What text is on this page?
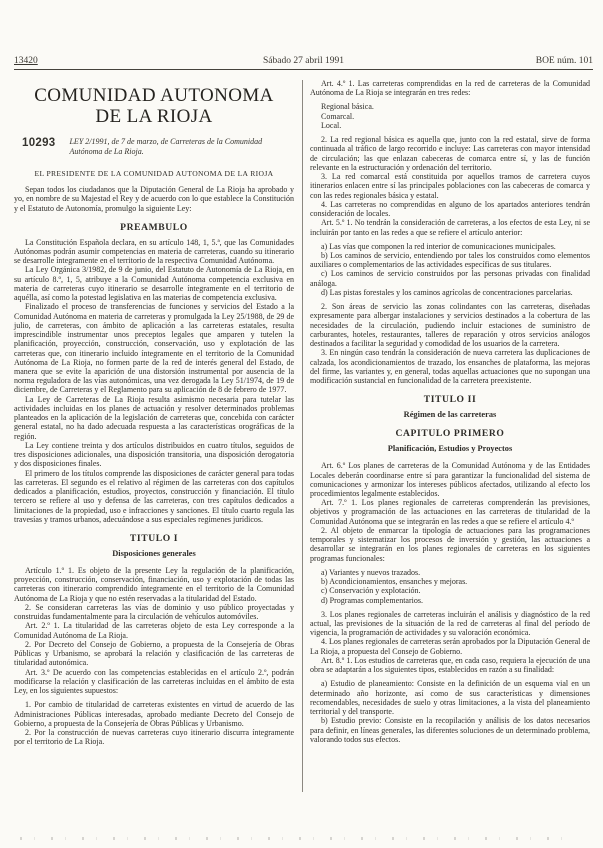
13420	Sábado 27 abril 1991	BOE núm. 101
COMUNIDAD AUTONOMA
DE LA RIOJA
10293	LEY 2/1991, de 7 de marzo, de Carreteras de la Comunidad Autónoma de La Rioja.
EL PRESIDENTE DE LA COMUNIDAD AUTONOMA DE LA RIOJA
Sepan todos los ciudadanos que la Diputación General de La Rioja ha aprobado y yo, en nombre de su Majestad el Rey y de acuerdo con lo que establece la Constitución y el Estatuto de Autonomía, promulgo la siguiente Ley:
PREAMBULO
La Constitución Española declara, en su artículo 148, 1, 5.ª, que las Comunidades Autónomas podrán asumir competencias en materia de carreteras, cuando su itinerario se desarrolle íntegramente en el territorio de la respectiva Comunidad Autónoma.
La Ley Orgánica 3/1982, de 9 de junio, del Estatuto de Autonomía de La Rioja, en su artículo 8.º, 1, 5, atribuye a la Comunidad Autónoma competencia exclusiva en materia de carreteras cuyo itinerario se desarrolle íntegramente en el territorio de aquélla, así como la potestad legislativa en las materias de competencia exclusiva.
Finalizado el proceso de transferencias de funciones y servicios del Estado a la Comunidad Autónoma en materia de carreteras y promulgada la Ley 25/1988, de 29 de julio, de carreteras, con ámbito de aplicación a las carreteras estatales, resulta imprescindible instrumentar unos preceptos legales que amparen y tutelen la planificación, proyección, construcción, conservación, uso y explotación de las carreteras que, con itinerario incluido íntegramente en el territorio de la Comunidad Autónoma de La Rioja, no formen parte de la red de interés general del Estado, de manera que se evite la aparición de una distorsión instrumental por ausencia de la norma reguladora de las vías autonómicas, una vez derogada la Ley 51/1974, de 19 de diciembre, de Carreteras y el Reglamento para su aplicación de 8 de febrero de 1977.
La Ley de Carreteras de La Rioja resulta asimismo necesaria para tutelar las actividades incluidas en los planes de actuación y resolver determinados problemas planteados en la aplicación de la legislación de carreteras que, concebida con carácter general estatal, no ha dado adecuada respuesta a las características orográficas de la región.
La Ley contiene treinta y dos artículos distribuidos en cuatro títulos, seguidos de tres disposiciones adicionales, una disposición transitoria, una disposición derogatoria y dos disposiciones finales.
El primero de los títulos comprende las disposiciones de carácter general para todas las carreteras. El segundo es el relativo al régimen de las carreteras con dos capítulos dedicados a planificación, estudios, proyectos, construcción y financiación. El título tercero se refiere al uso y defensa de las carreteras, con tres capítulos dedicados a limitaciones de la propiedad, uso e infracciones y sanciones. El título cuarto regula las travesías y tramos urbanos, adecuándose a sus especiales regímenes jurídicos.
TITULO I
Disposiciones generales
Artículo 1.º 1. Es objeto de la presente Ley la regulación de la planificación, proyección, construcción, conservación, financiación, uso y explotación de todas las carreteras con itinerario comprendido íntegramente en el territorio de la Comunidad Autónoma de La Rioja y que no estén reservadas a la titularidad del Estado.
2. Se consideran carreteras las vías de dominio y uso público proyectadas y construidas fundamentalmente para la circulación de vehículos automóviles.
Art. 2.º 1. La titularidad de las carreteras objeto de esta Ley corresponde a la Comunidad Autónoma de La Rioja.
2. Por Decreto del Consejo de Gobierno, a propuesta de la Consejería de Obras Públicas y Urbanismo, se aprobará la relación y clasificación de las carreteras de titularidad autonómica.
Art. 3.º De acuerdo con las competencias establecidas en el artículo 2.º, podrán modificarse la relación y clasificación de las carreteras incluidas en el ámbito de esta Ley, en los siguientes supuestos:
1. Por cambio de titularidad de carreteras existentes en virtud de acuerdo de las Administraciones Públicas interesadas, aprobado mediante Decreto del Consejo de Gobierno, a propuesta de la Consejería de Obras Públicas y Urbanismo.
2. Por la construcción de nuevas carreteras cuyo itinerario discurra íntegramente por el territorio de La Rioja.
Art. 4.º 1. Las carreteras comprendidas en la red de carreteras de la Comunidad Autónoma de La Rioja se integrarán en tres redes:
Regional básica.
Comarcal.
Local.
2. La red regional básica es aquella que, junto con la red estatal, sirve de forma continuada al tráfico de largo recorrido e incluye: Las carreteras con mayor intensidad de circulación; las que enlazan cabeceras de comarca entre sí, y las de función relevante en la estructuración y ordenación del territorio.
3. La red comarcal está constituida por aquellos tramos de carretera cuyos itinerarios enlacen entre sí las principales poblaciones con las cabeceras de comarca y con las redes regionales básica y estatal.
4. Las carreteras no comprendidas en alguno de los apartados anteriores tendrán consideración de locales.
Art. 5.º 1. No tendrán la consideración de carreteras, a los efectos de esta Ley, ni se incluirán por tanto en las redes a que se refiere el artículo anterior:
a) Las vías que componen la red interior de comunicaciones municipales.
b) Los caminos de servicio, entendiendo por tales los construidos como elementos auxiliares o complementarios de las actividades específicas de sus titulares.
c) Los caminos de servicio construidos por las personas privadas con finalidad análoga.
d) Las pistas forestales y los caminos agrícolas de concentraciones parcelarias.
2. Son áreas de servicio las zonas colindantes con las carreteras, diseñadas expresamente para albergar instalaciones y servicios destinados a la cobertura de las necesidades de la circulación, pudiendo incluir estaciones de suministro de carburantes, hoteles, restaurantes, talleres de reparación y otros servicios análogos destinados a facilitar la seguridad y comodidad de los usuarios de la carretera.
3. En ningún caso tendrán la consideración de nueva carretera las duplicaciones de calzada, los acondicionamientos de trazado, los ensanches de plataforma, las mejoras del firme, las variantes y, en general, todas aquellas actuaciones que no supongan una modificación sustancial en funcionalidad de la carretera preexistente.
TITULO II
Régimen de las carreteras
CAPITULO PRIMERO
Planificación, Estudios y Proyectos
Art. 6.º Los planes de carreteras de la Comunidad Autónoma y de las Entidades Locales deberán coordinarse entre sí para garantizar la funcionalidad del sistema de comunicaciones y armonizar los intereses públicos afectados, utilizando al efecto los procedimientos legalmente establecidos.
Art. 7.º 1. Los planes regionales de carreteras comprenderán las previsiones, objetivos y programación de las actuaciones en las carreteras de titularidad de la Comunidad Autónoma que se integrarán en las redes a que se refiere el artículo 4.º
2. Al objeto de enmarcar la tipología de actuaciones para las programaciones temporales y sistematizar los procesos de inversión y gestión, las actuaciones a desarrollar se integrarán en los planes regionales de carreteras en los siguientes programas funcionales:
a) Variantes y nuevos trazados.
b) Acondicionamientos, ensanches y mejoras.
c) Conservación y explotación.
d) Programas complementarios.
3. Los planes regionales de carreteras incluirán el análisis y diagnóstico de la red actual, las previsiones de la situación de la red de carreteras al final del período de vigencia, la programación de actividades y su valoración económica.
4. Los planes regionales de carreteras serán aprobados por la Diputación General de La Rioja, a propuesta del Consejo de Gobierno.
Art. 8.º 1. Los estudios de carreteras que, en cada caso, requiera la ejecución de una obra se adaptarán a los siguientes tipos, establecidos en razón a su finalidad:
a) Estudio de planeamiento: Consiste en la definición de un esquema vial en un determinado año horizonte, así como de sus características y dimensiones recomendables, necesidades de suelo y otras limitaciones, a la vista del planeamiento territorial y del transporte.
b) Estudio previo: Consiste en la recopilación y análisis de los datos necesarios para definir, en líneas generales, las diferentes soluciones de un determinado problema, valorando todos sus efectos.
